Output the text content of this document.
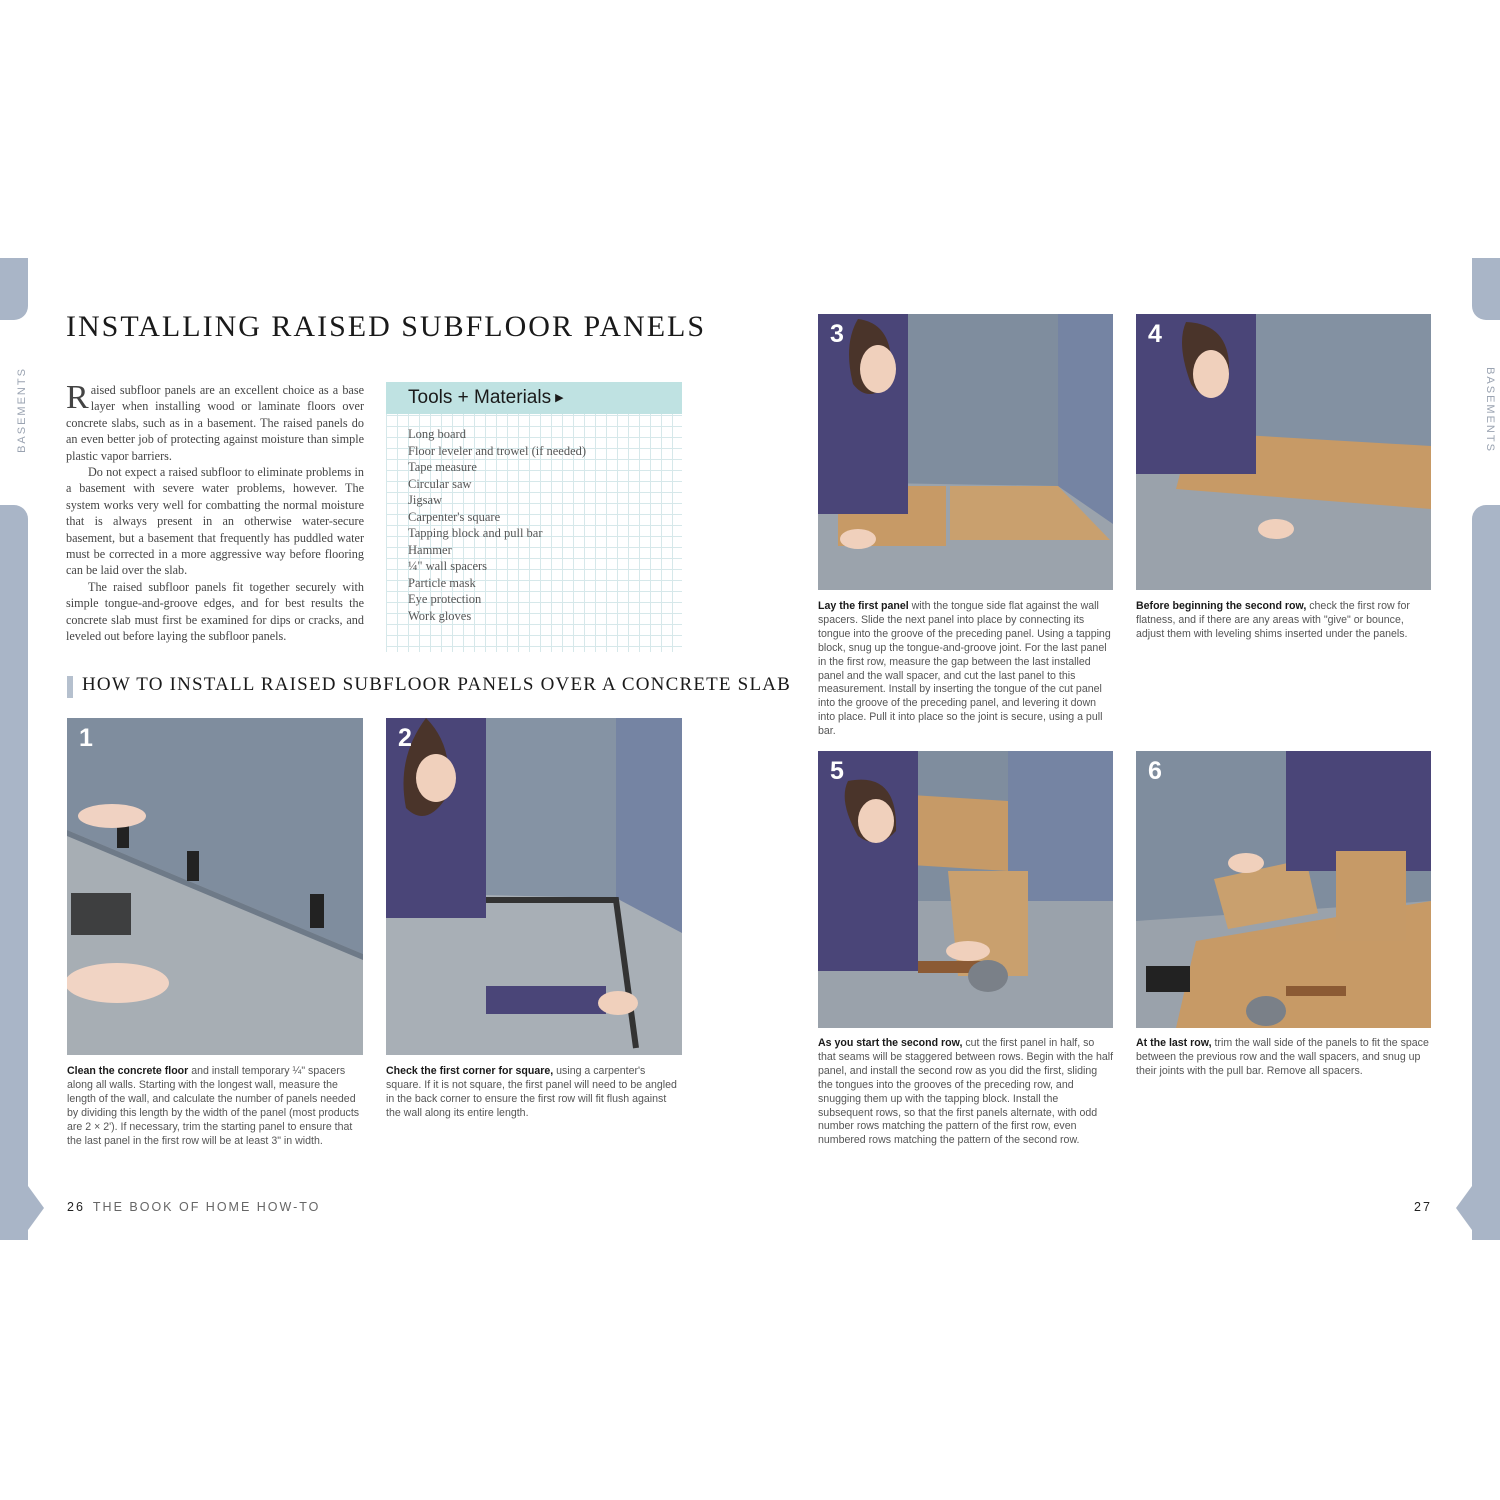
BASEMENTS	BASEMENTS
INSTALLING RAISED SUBFLOOR PANELS

Raised subfloor panels are an excellent choice as a base layer when installing wood or laminate floors over concrete slabs, such as in a basement. The raised panels do an even better job of protecting against moisture than simple plastic vapor barriers.

Do not expect a raised subfloor to eliminate problems in a basement with severe water problems, however. The system works very well for combatting the normal moisture that is always present in an otherwise water-secure basement, but a basement that frequently has puddled water must be corrected in a more aggressive way before flooring can be laid over the slab.

The raised subfloor panels fit together securely with simple tongue-and-groove edges, and for best results the concrete slab must first be examined for dips or cracks, and leveled out before laying the subfloor panels.

Tools + Materials ▶
Long board
Floor leveler and trowel (if needed)
Tape measure
Circular saw
Jigsaw
Carpenter's square
Tapping block and pull bar
Hammer
¼" wall spacers
Particle mask
Eye protection
Work gloves
HOW TO INSTALL RAISED SUBFLOOR PANELS OVER A CONCRETE SLAB
1	2
Clean the concrete floor and install temporary ¼" spacers along all walls. Starting with the longest wall, measure the length of the wall, and calculate the number of panels needed by dividing this length by the width of the panel (most products are 2 × 2'). If necessary, trim the starting panel to ensure that the last panel in the first row will be at least 3" in width.
Check the first corner for square, using a carpenter's square. If it is not square, the first panel will need to be angled in the back corner to ensure the first row will fit flush against the wall along its entire length.
3	4
Lay the first panel with the tongue side flat against the wall spacers. Slide the next panel into place by connecting its tongue into the groove of the preceding panel. Using a tapping block, snug up the tongue-and-groove joint. For the last panel in the first row, measure the gap between the last installed panel and the wall spacer, and cut the last panel to this measurement. Install by inserting the tongue of the cut panel into the groove of the preceding panel, and levering it down into place. Pull it into place so the joint is secure, using a pull bar.
Before beginning the second row, check the first row for flatness, and if there are any areas with "give" or bounce, adjust them with leveling shims inserted under the panels.
5	6
As you start the second row, cut the first panel in half, so that seams will be staggered between rows. Begin with the half panel, and install the second row as you did the first, sliding the tongues into the grooves of the preceding row, and snugging them up with the tapping block. Install the subsequent rows, so that the first panels alternate, with odd number rows matching the pattern of the first row, even numbered rows matching the pattern of the second row.
At the last row, trim the wall side of the panels to fit the space between the previous row and the wall spacers, and snug up their joints with the pull bar. Remove all spacers.
26 THE BOOK OF HOME HOW-TO	27
